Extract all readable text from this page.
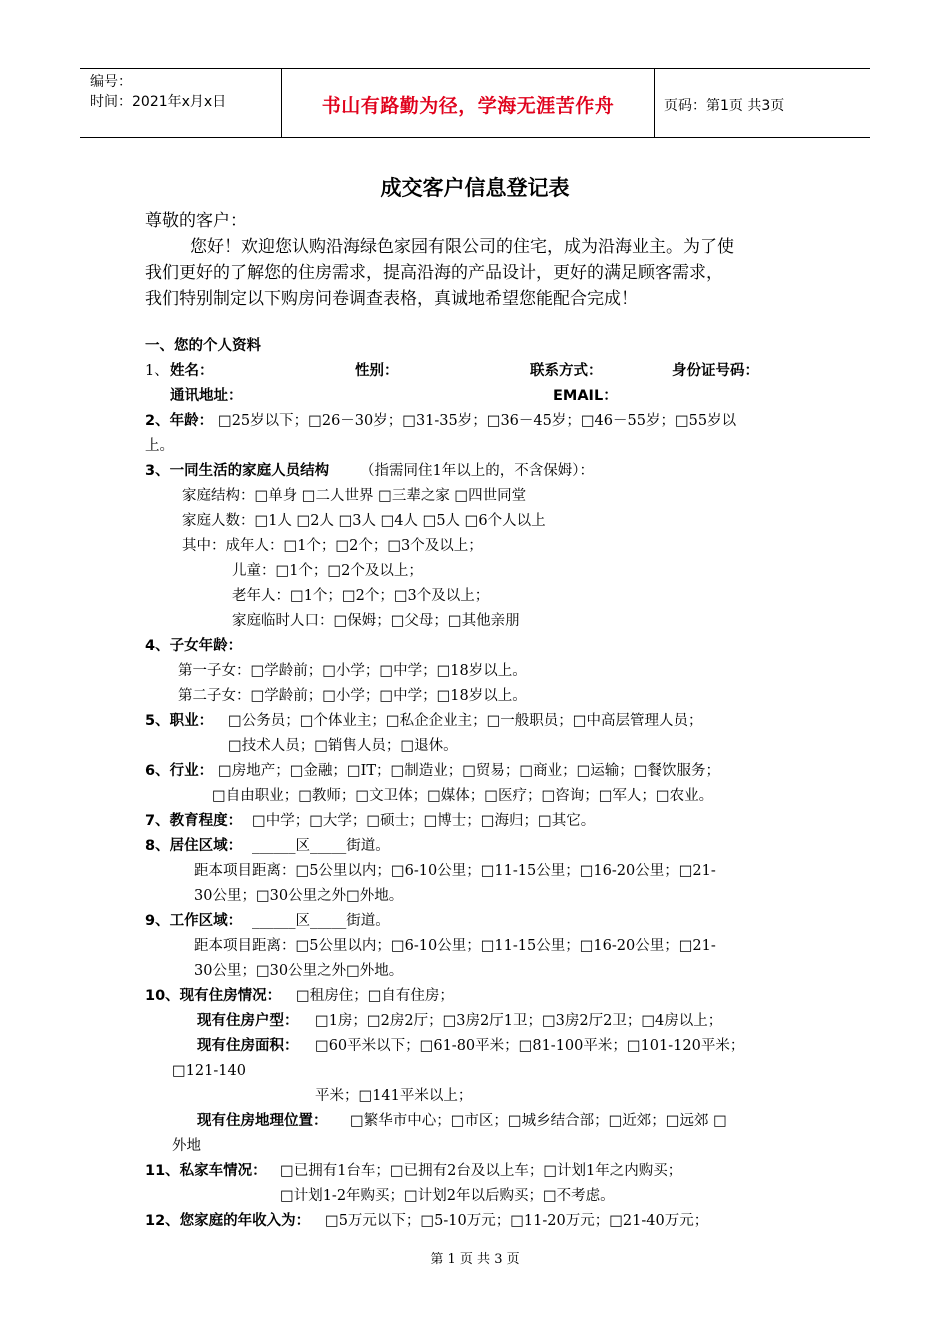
编号：
时间：2021年x月x日	书山有路勤为径，学海无涯苦作舟	页码：第1页 共3页
成交客户信息登记表
尊敬的客户：
您好！欢迎您认购沿海绿色家园有限公司的住宅，成为沿海业主。为了使
我们更好的了解您的住房需求，提高沿海的产品设计，更好的满足顾客需求，
我们特别制定以下购房问卷调查表格，真诚地希望您能配合完成！
一、您的个人资料
1、 姓名：	性别：	联系方式：	身份证号码：
通讯地址：	EMAIL：
2、年龄： □25岁以下；□26－30岁；□31-35岁；□36－45岁；□46－55岁；□55岁以
上。
3、一同生活的家庭人员结构 （指需同住1年以上的，不含保姆）：
家庭结构：□单身 □二人世界 □三辈之家 □四世同堂
家庭人数：□1人 □2人 □3人 □4人 □5人 □6个人以上
其中：成年人：□1个；□2个；□3个及以上；
儿童：□1个；□2个及以上；
老年人：□1个；□2个；□3个及以上；
家庭临时人口：□保姆；□父母；□其他亲朋
4、子女年龄：
第一子女：□学龄前；□小学；□中学；□18岁以上。
第二子女：□学龄前；□小学；□中学；□18岁以上。
5、职业： □公务员；□个体业主；□私企企业主；□一般职员；□中高层管理人员；
□技术人员；□销售人员；□退休。
6、行业： □房地产；□金融；□IT；□制造业；□贸易；□商业；□运输；□餐饮服务；
□自由职业；□教师；□文卫体；□媒体；□医疗；□咨询；□军人；□农业。
7、教育程度： □中学；□大学；□硕士；□博士；□海归；□其它。
8、居住区域： ______区_____街道。
距本项目距离：□5公里以内；□6-10公里；□11-15公里；□16-20公里；□21-
30公里；□30公里之外□外地。
9、工作区域： ______区_____街道。
距本项目距离：□5公里以内；□6-10公里；□11-15公里；□16-20公里；□21-
30公里；□30公里之外□外地。
10、现有住房情况： □租房住；□自有住房；
现有住房户型： □1房；□2房2厅；□3房2厅1卫；□3房2厅2卫；□4房以上；
现有住房面积： □60平米以下；□61-80平米；□81-100平米；□101-120平米；
□121-140
平米；□141平米以上；
现有住房地理位置： □繁华市中心；□市区；□城乡结合部；□近郊；□远郊 □
外地
11、私家车情况： □已拥有1台车；□已拥有2台及以上车；□计划1年之内购买；
□计划1-2年购买；□计划2年以后购买；□不考虑。
12、您家庭的年收入为： □5万元以下；□5-10万元；□11-20万元；□21-40万元；
第 1 页 共 3 页
